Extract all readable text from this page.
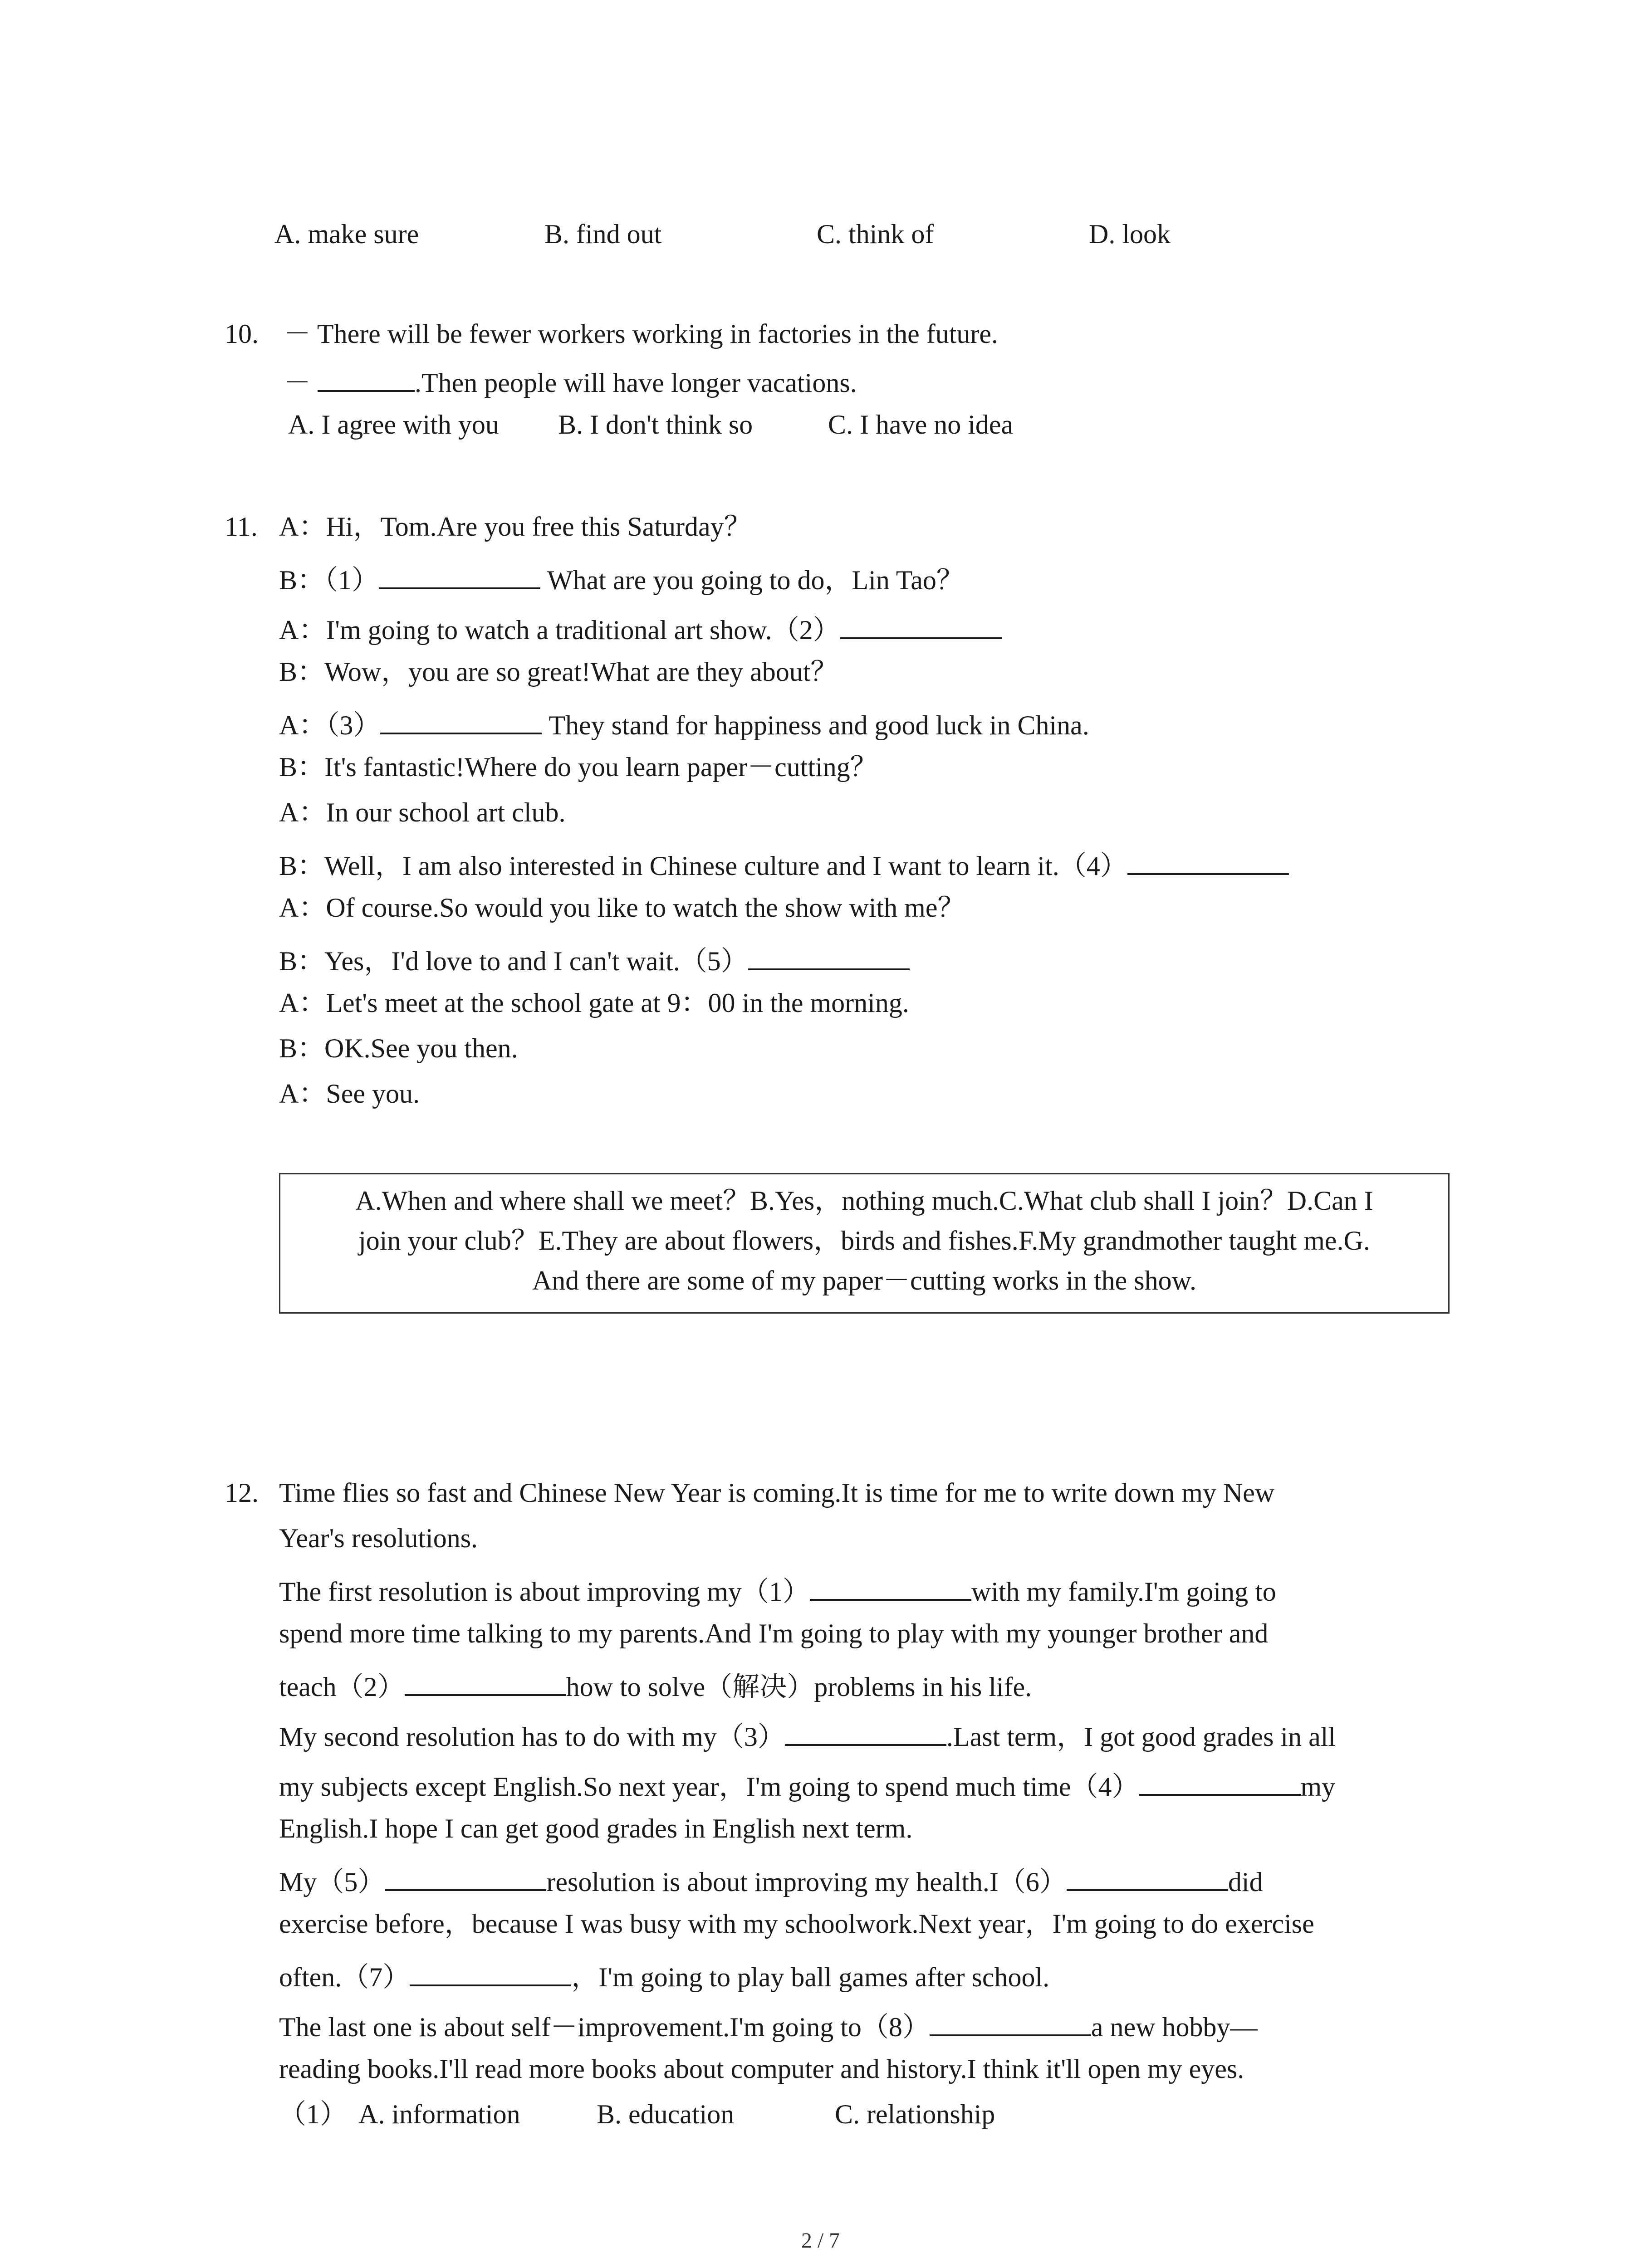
A. make sure	B. find out	C. think of	D. look
10. － There will be fewer workers working in factories in the future.
－	.Then people will have longer vacations.
A. I agree with you B. I don't think so	C. I have no idea
11. A：Hi，Tom.Are you free this Saturday？
B：（1）	What are you going to do，Lin Tao？
A：I'm going to watch a traditional art show.（2）
B：Wow，you are so great!What are they about？
A：（3）	They stand for happiness and good luck in China.
B：It's fantastic!Where do you learn paper－cutting？
A：In our school art club.
B：Well，I am also interested in Chinese culture and I want to learn it.（4）
A：Of course.So would you like to watch the show with me？
B：Yes，I'd love to and I can't wait.（5）
A：Let's meet at the school gate at 9：00 in the morning.
B：OK.See you then.
A：See you.
A.When and where shall we meet？B.Yes，nothing much.C.What club shall I join？D.Can I
join your club？E.They are about flowers，birds and fishes.F.My grandmother taught me.G.
And there are some of my paper－cutting works in the show.
12. Time flies so fast and Chinese New Year is coming.It is time for me to write down my New
Year's resolutions.
The first resolution is about improving my（1）	with my family.I'm going to
spend more time talking to my parents.And I'm going to play with my younger brother and
teach（2）	how to solve（解决）problems in his life.
My second resolution has to do with my（3）	.Last term，I got good grades in all
my subjects except English.So next year，I'm going to spend much time（4）	my
English.I hope I can get good grades in English next term.
My（5）	resolution is about improving my health.I（6）	did
exercise before，because I was busy with my schoolwork.Next year，I'm going to do exercise
often.（7）	，I'm going to play ball games after school.
The last one is about self－improvement.I'm going to（8）	a new hobby—
reading books.I'll read more books about computer and history.I think it'll open my eyes.
（1） A. information	B. education	C. relationship
2 / 7
